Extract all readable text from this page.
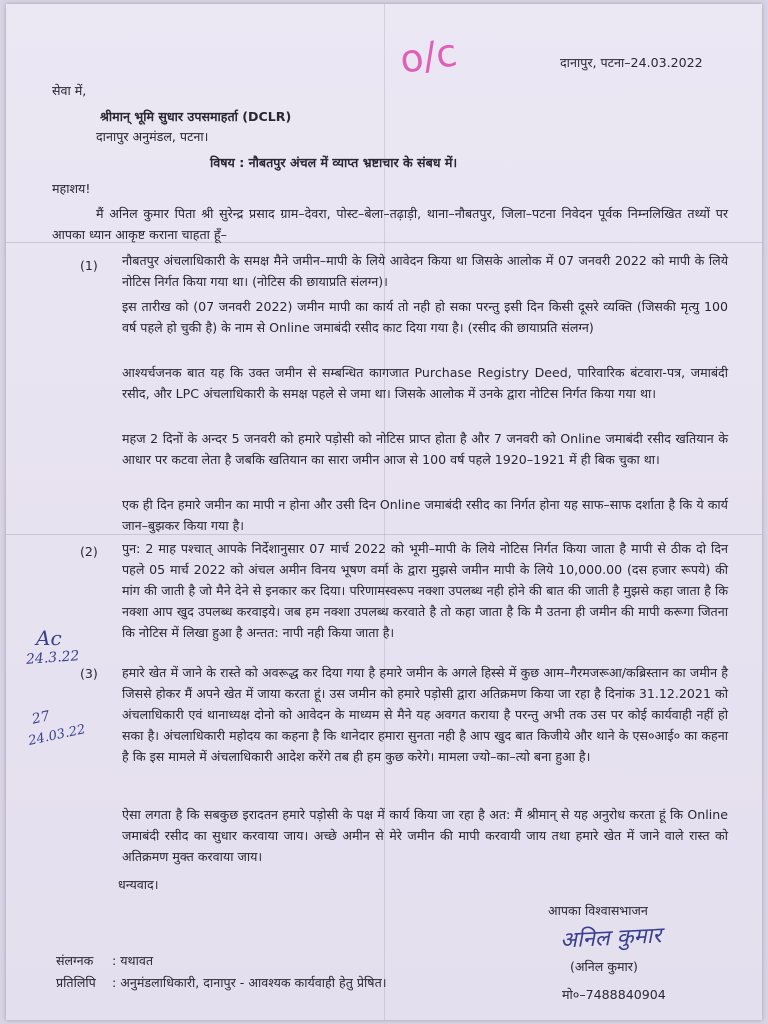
o/c	दानापुर, पटना–24.03.2022
सेवा में,
श्रीमान् भूमि सुधार उपसमाहर्ता (DCLR)
दानापुर अनुमंडल, पटना।
विषय : नौबतपुर अंचल में व्याप्त भ्रष्टाचार के संबध में।
महाशय!
मैं अनिल कुमार पिता श्री सुरेन्द्र प्रसाद ग्राम–देवरा, पोस्ट–बेला–तढ़ाड़ी, थाना–नौबतपुर, जिला–पटना निवेदन पूर्वक निम्नलिखित तथ्यों पर आपका ध्यान आकृष्ट कराना चाहता हूँ–
(1) नौबतपुर अंचलाधिकारी के समक्ष मैने जमीन–मापी के लिये आवेदन किया था जिसके आलोक में 07 जनवरी 2022 को मापी के लिये नोटिस निर्गत किया गया था। (नोटिस की छायाप्रति संलग्न)।
इस तारीख को (07 जनवरी 2022) जमीन मापी का कार्य तो नही हो सका परन्तु इसी दिन किसी दूसरे व्यक्ति (जिसकी मृत्यु 100 वर्ष पहले हो चुकी है) के नाम से Online जमाबंदी रसीद काट दिया गया है। (रसीद की छायाप्रति संलग्न)
आश्यर्चजनक बात यह कि उक्त जमीन से सम्बन्धित कागजात Purchase Registry Deed, पारिवारिक बंटवारा-पत्र, जमाबंदी रसीद, और LPC अंचलाधिकारी के समक्ष पहले से जमा था। जिसके आलोक में उनके द्वारा नोटिस निर्गत किया गया था।
महज 2 दिनों के अन्दर 5 जनवरी को हमारे पड़ोसी को नोटिस प्राप्त होता है और 7 जनवरी को Online जमाबंदी रसीद खतियान के आधार पर कटवा लेता है जबकि खतियान का सारा जमीन आज से 100 वर्ष पहले 1920–1921 में ही बिक चुका था।
एक ही दिन हमारे जमीन का मापी न होना और उसी दिन Online जमाबंदी रसीद का निर्गत होना यह साफ–साफ दर्शाता है कि ये कार्य जान–बुझकर किया गया है।
(2) पुन: 2 माह पश्चात् आपके निर्देशानुसार 07 मार्च 2022 को भूमी–मापी के लिये नोटिस निर्गत किया जाता है मापी से ठीक दो दिन पहले 05 मार्च 2022 को अंचल अमीन विनय भूषण वर्मा के द्वारा मुझसे जमीन मापी के लिये 10,000.00 (दस हजार रूपये) की मांग की जाती है जो मैने देने से इनकार कर दिया। परिणामस्वरूप नक्शा उपलब्ध नही होने की बात की जाती है मुझसे कहा जाता है कि नक्शा आप खुद उपलब्ध करवाइये। जब हम नक्शा उपलब्ध करवाते है तो कहा जाता है कि मै उतना ही जमीन की मापी करूगा जितना कि नोटिस में लिखा हुआ है अन्तत: नापी नही किया जाता है।
(3) हमारे खेत में जाने के रास्ते को अवरूद्ध कर दिया गया है हमारे जमीन के अगले हिस्से में कुछ आम–गैरमजरूआ/कब्रिस्तान का जमीन है जिससे होकर मैं अपने खेत में जाया करता हूं। उस जमीन को हमारे पड़ोसी द्वारा अतिक्रमण किया जा रहा है दिनांक 31.12.2021 को अंचलाधिकारी एवं थानाध्यक्ष दोनो को आवेदन के माध्यम से मैने यह अवगत कराया है परन्तु अभी तक उस पर कोई कार्यवाही नहीं हो सका है। अंचलाधिकारी महोदय का कहना है कि थानेदार हमारा सुनता नही है आप खुद बात किजीये और थाने के एस०आई० का कहना है कि इस मामले में अंचलाधिकारी आदेश करेंगे तब ही हम कुछ करेगे। मामला ज्यो–का–त्यो बना हुआ है।
Ac
24.3.22
27
24.03.22
ऐसा लगता है कि सबकुछ इरादतन हमारे पड़ोसी के पक्ष में कार्य किया जा रहा है अत: मैं श्रीमान् से यह अनुरोध करता हूं कि Online जमाबंदी रसीद का सुधार करवाया जाय। अच्छे अमीन से मेरे जमीन की मापी करवायी जाय तथा हमारे खेत में जाने वाले रास्त को अतिक्रमण मुक्त करवाया जाय।
धन्यवाद।
आपका विश्वासभाजन
अनिल कुमार
(अनिल कुमार)
मो०–7488840904
संलग्नक : यथावत
प्रतिलिपि : अनुमंडलाधिकारी, दानापुर - आवश्यक कार्यवाही हेतु प्रेषित।
